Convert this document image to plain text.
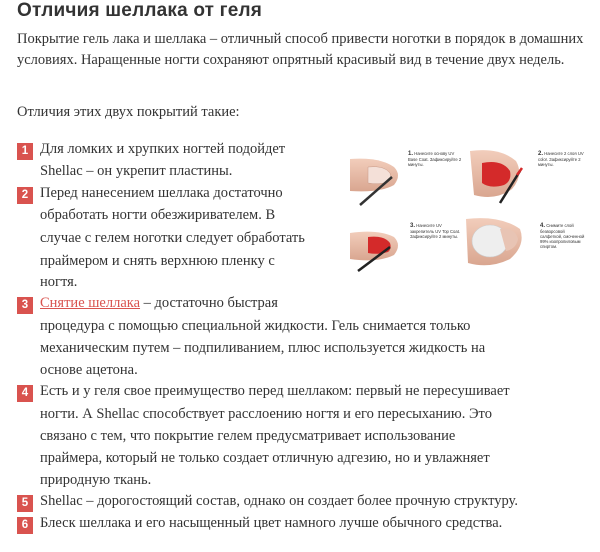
Отличия шеллака от геля
Покрытие гель лака и шеллака – отличный способ привести ноготки в порядок в домашних условиях. Наращенные ногти сохраняют опрятный красивый вид в течение двух недель.
Отличия этих двух покрытий такие:
1 Для ломких и хрупких ногтей подойдет
Shellac – он укрепит пластины.
2 Перед нанесением шеллака достаточно
обработать ногти обезжиривателем. В
случае с гелем ноготки следует обработать
праймером и снять верхнюю пленку с
ногтя.
3 Снятие шеллака – достаточно быстрая
процедура с помощью специальной жидкости. Гель снимается только
механическим путем – подпиливанием, плюс используется жидкость на
основе ацетона.
4 Есть и у геля свое преимущество перед шеллаком: первый не пересушивает
ногти. А Shellac способствует расслоению ногтя и его пересыханию. Это
связано с тем, что покрытие гелем предусматривает использование
праймера, который не только создает отличную адгезию, но и увлажняет
природную ткань.
5 Shellac – дорогостоящий состав, однако он создает более прочную структуру.
6 Блеск шеллака и его насыщенный цвет намного лучше обычного средства.
1. Нанесите основу UV Base Coat. Зафиксируйте 2 минуты.
2. Нанесите 2 слоя UV color. Зафиксируйте 2 минуты.
3. Нанесите UV закрепитель UV Top Coat. Зафиксируйте 2 минуты.
4. Снимите слой безворсовой салфеткой, смоченной 99% изопропиловым спиртом.
